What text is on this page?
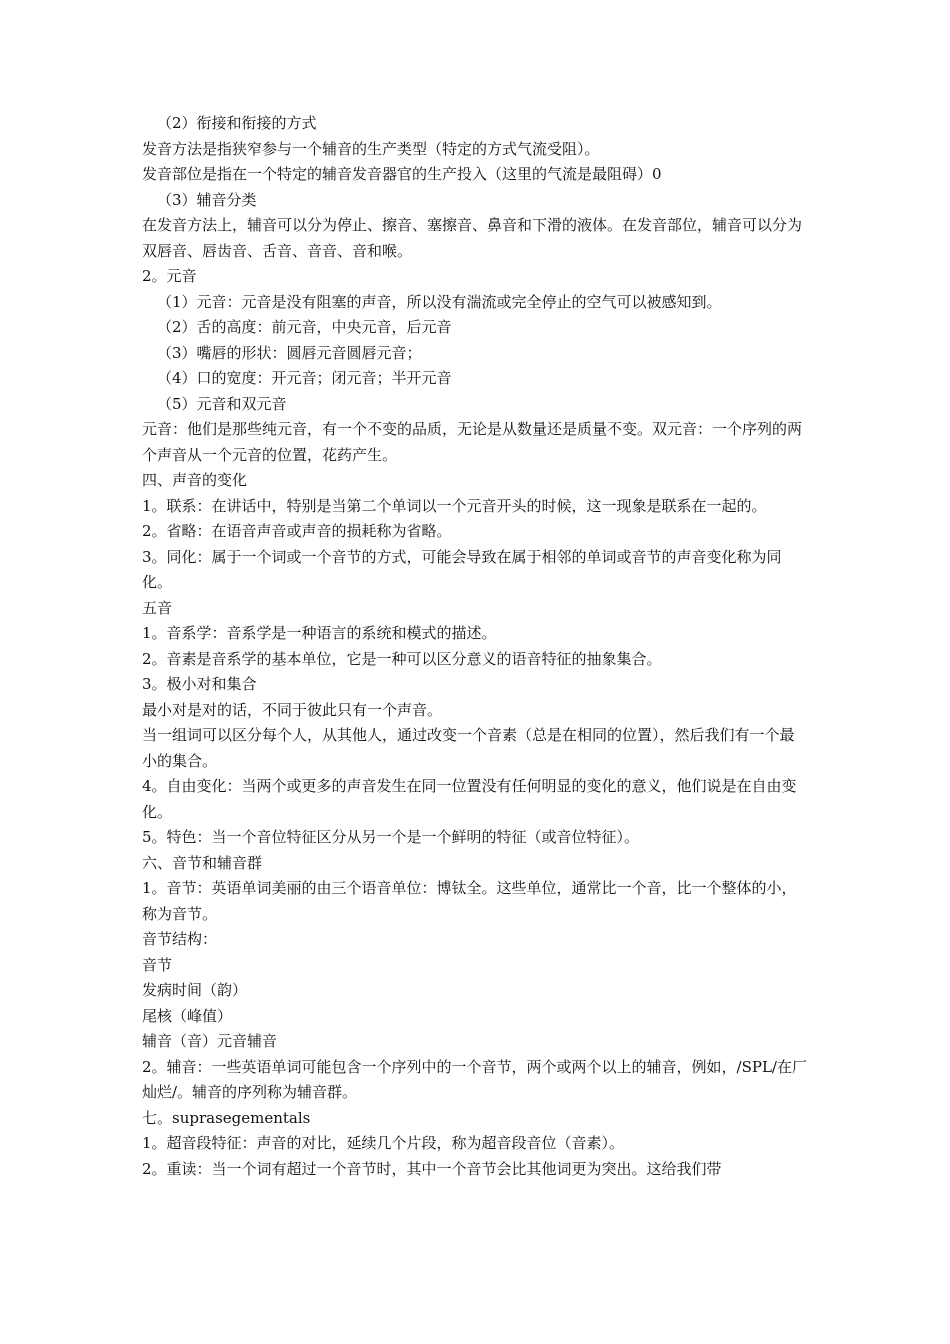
（2）衔接和衔接的方式

发音方法是指狭窄参与一个辅音的生产类型（特定的方式气流受阻）。

发音部位是指在一个特定的辅音发音器官的生产投入（这里的气流是最阻碍）0

（3）辅音分类

在发音方法上，辅音可以分为停止、擦音、塞擦音、鼻音和下滑的液体。在发音部位，辅音可以分为双唇音、唇齿音、舌音、音音、音和喉。

2。元音

（1）元音：元音是没有阻塞的声音，所以没有湍流或完全停止的空气可以被感知到。

（2）舌的高度：前元音，中央元音，后元音

（3）嘴唇的形状：圆唇元音圆唇元音；

（4）口的宽度：开元音；闭元音；半开元音

（5）元音和双元音

元音：他们是那些纯元音，有一个不变的品质，无论是从数量还是质量不变。双元音：一个序列的两个声音从一个元音的位置，花药产生。

四、声音的变化

1。联系：在讲话中，特别是当第二个单词以一个元音开头的时候，这一现象是联系在一起的。

2。省略：在语音声音或声音的损耗称为省略。

3。同化：属于一个词或一个音节的方式，可能会导致在属于相邻的单词或音节的声音变化称为同化。

五音

1。音系学：音系学是一种语言的系统和模式的描述。

2。音素是音系学的基本单位，它是一种可以区分意义的语音特征的抽象集合。

3。极小对和集合

最小对是对的话，不同于彼此只有一个声音。

当一组词可以区分每个人，从其他人，通过改变一个音素（总是在相同的位置），然后我们有一个最小的集合。

4。自由变化：当两个或更多的声音发生在同一位置没有任何明显的变化的意义，他们说是在自由变化。

5。特色：当一个音位特征区分从另一个是一个鲜明的特征（或音位特征）。

六、音节和辅音群

1。音节：英语单词美丽的由三个语音单位：博钛全。这些单位，通常比一个音，比一个整体的小，称为音节。

音节结构：

音节

发病时间（韵）

尾核（峰值）

辅音（音）元音辅音

2。辅音：一些英语单词可能包含一个序列中的一个音节，两个或两个以上的辅音，例如，/SPL/在厂灿烂/。辅音的序列称为辅音群。

七。suprasegementals

1。超音段特征：声音的对比，延续几个片段，称为超音段音位（音素）。

2。重读：当一个词有超过一个音节时，其中一个音节会比其他词更为突出。这给我们带
